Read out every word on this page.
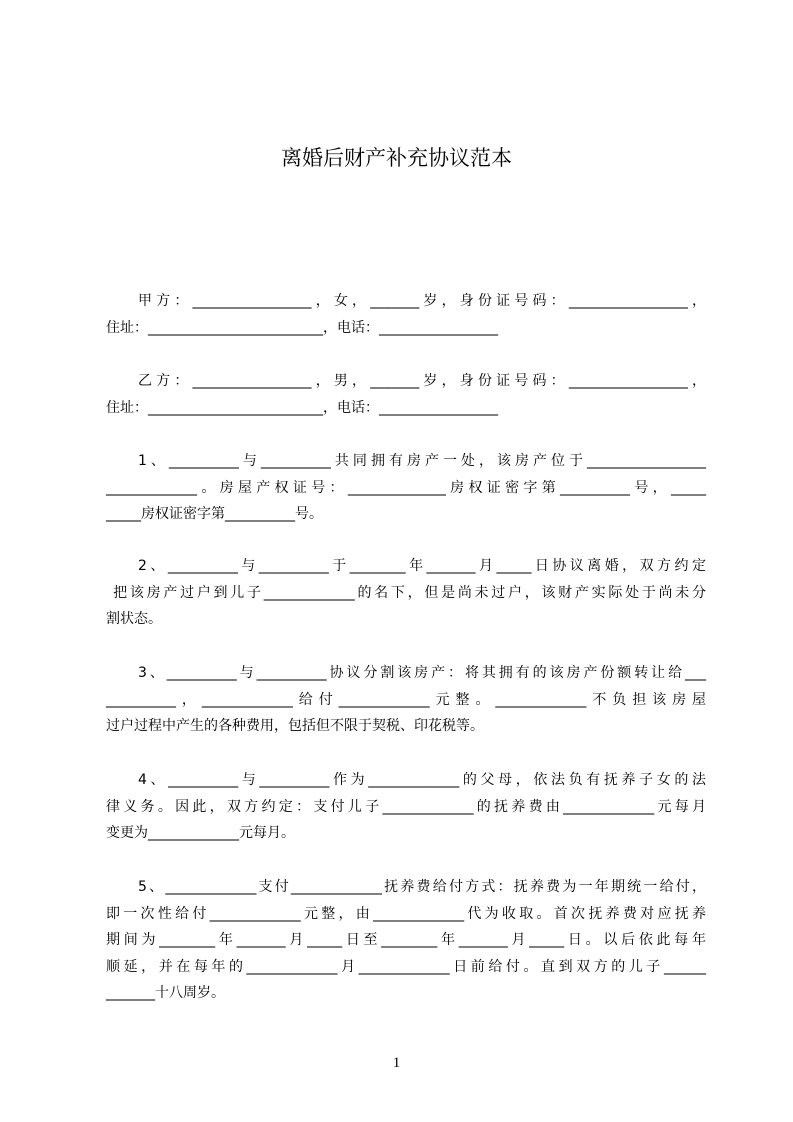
离婚后财产补充协议范本
甲方：_________________，女，_______岁，身份证号码：_________________，
住址：_________________________，电话：_________________
乙方：_________________，男，_______岁，身份证号码：_________________，
住址：_________________________，电话：_________________
1、__________与__________共同拥有房产一处，该房产位于_________________
_____________。房屋产权证号：______________房权证密字第__________号，_____
_____房权证密字第__________号。
2、__________与__________于________年_______月_____日协议离婚，双方约定
把该房产过户到儿子_____________的名下，但是尚未过户，该财产实际处于尚未分
割状态。
3、__________与__________协议分割该房产：将其拥有的该房产份额转让给___
__________，_____________给付_____________元整。_____________不负担该房屋
过户过程中产生的各种费用，包括但不限于契税、印花税等。
4、__________与__________作为_____________的父母，依法负有抚养子女的法
律义务。因此，双方约定：支付儿子_____________的抚养费由_____________元每月
变更为_____________元每月。
5、_____________支付_____________抚养费给付方式：抚养费为一年期统一给付，
即一次性给付_____________元整，由_____________代为收取。首次抚养费对应抚养
期间为________年_______月_____日至________年_______月_____日。以后依此每年
顺延，并在每年的_____________月_____________日前给付。直到双方的儿子______
_______十八周岁。
1
